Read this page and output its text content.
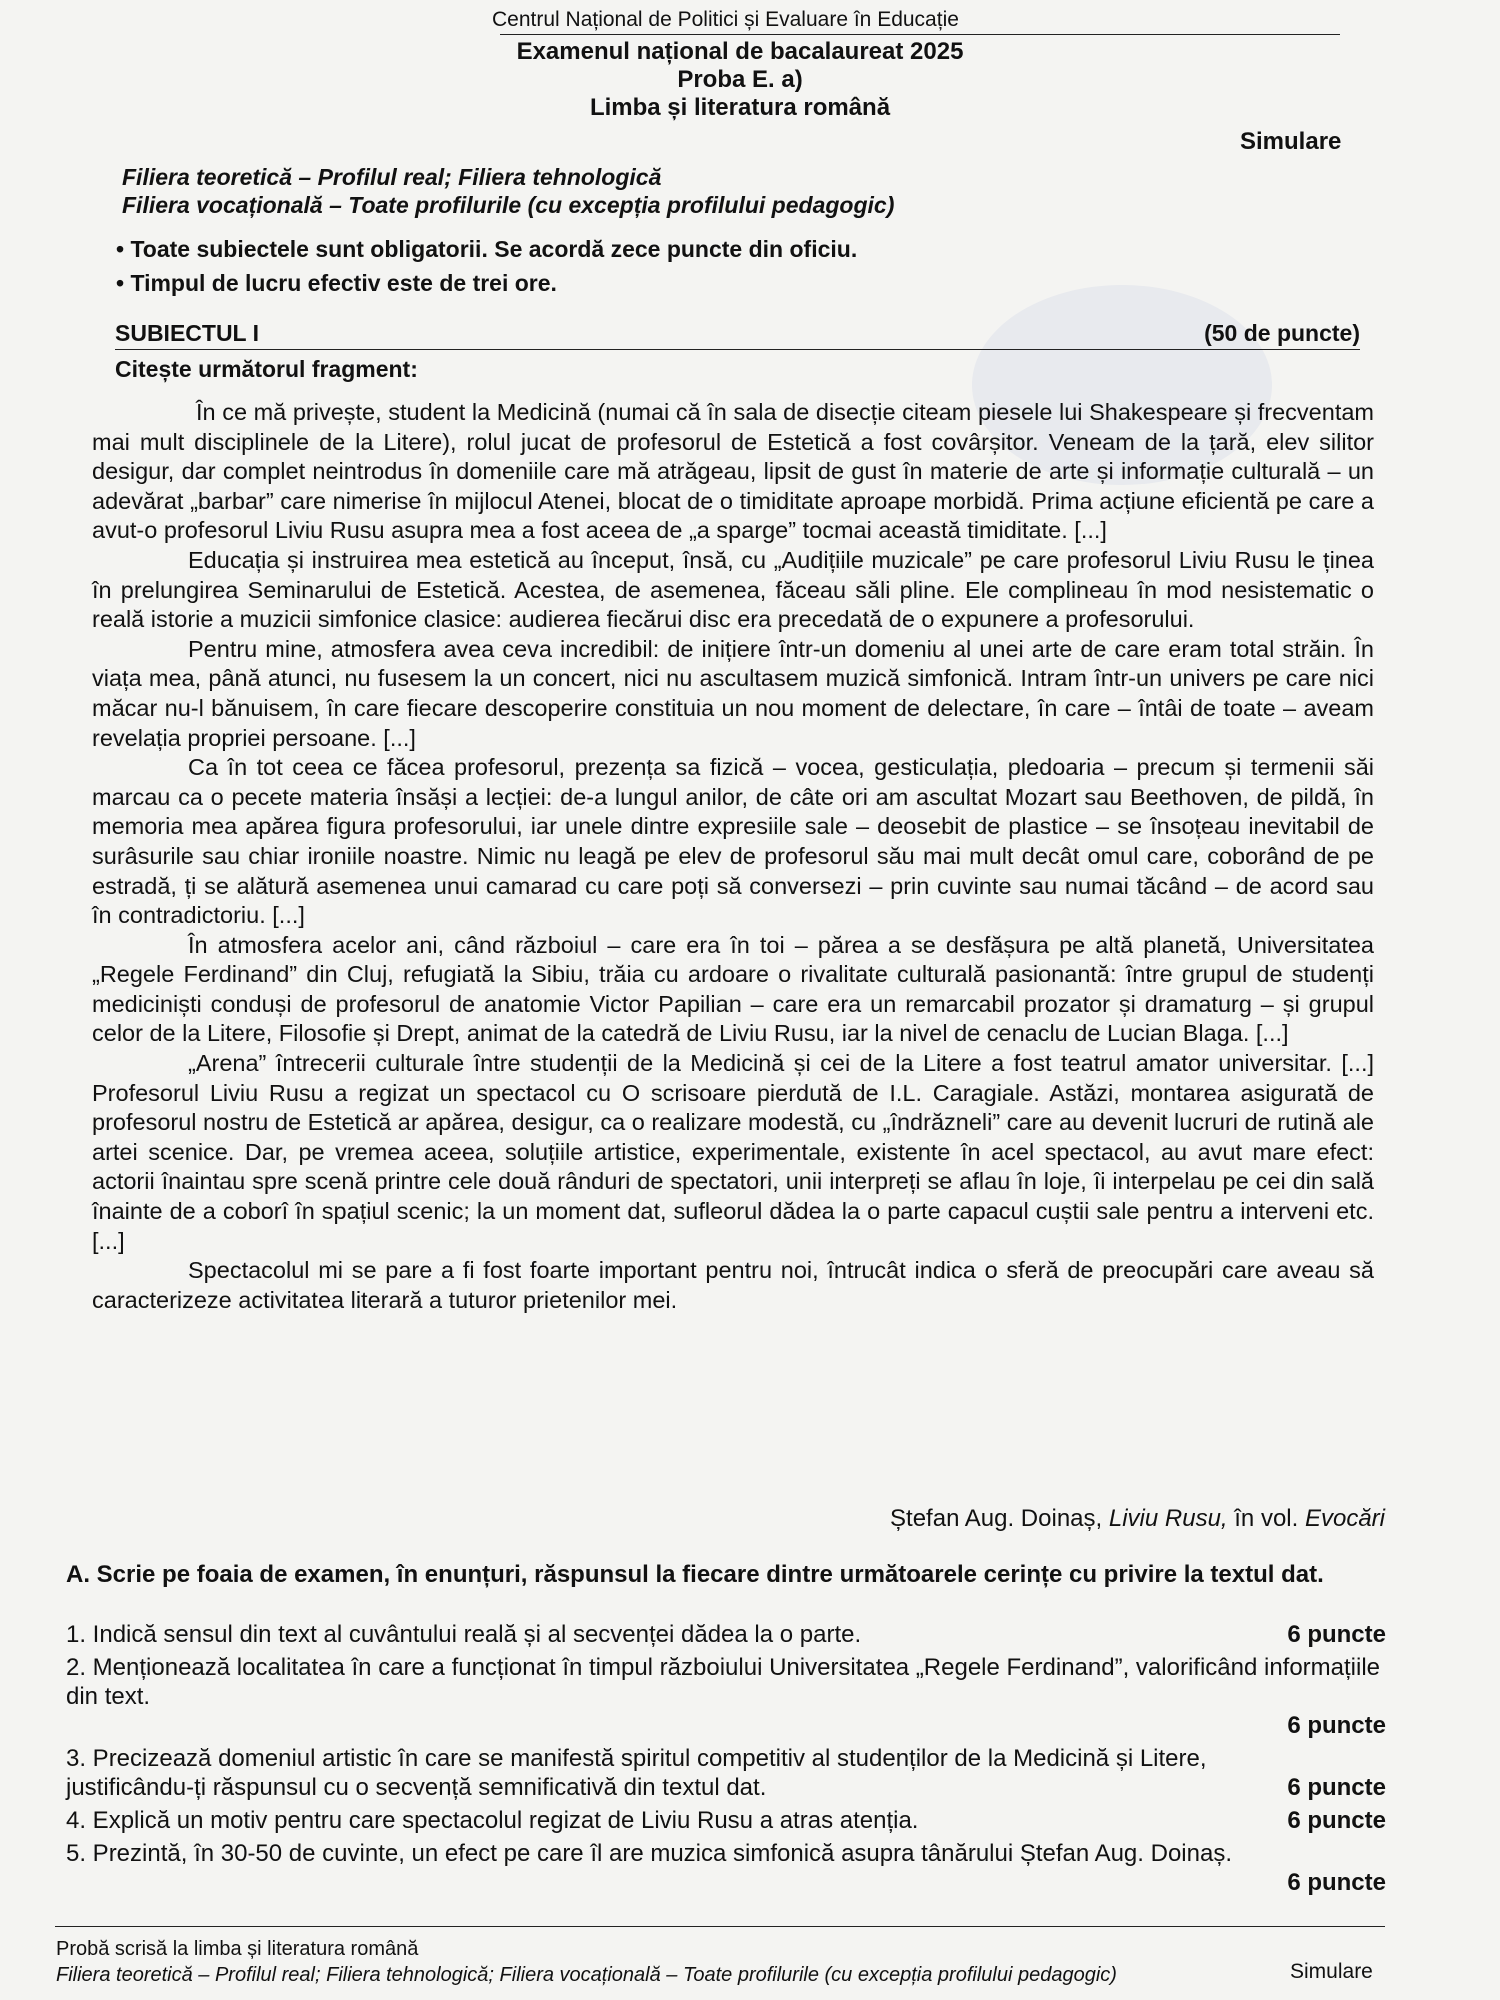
Centrul Național de Politici și Evaluare în Educație
Examenul național de bacalaureat 2025
Proba E. a)
Limba și literatura română
Simulare
Filiera teoretică – Profilul real; Filiera tehnologică
Filiera vocațională – Toate profilurile (cu excepția profilului pedagogic)
• Toate subiectele sunt obligatorii. Se acordă zece puncte din oficiu.
• Timpul de lucru efectiv este de trei ore.
SUBIECTUL I	(50 de puncte)
Citește următorul fragment:

În ce mă privește, student la Medicină (numai că în sala de disecție citeam piesele lui Shakespeare și frecventam mai mult disciplinele de la Litere), rolul jucat de profesorul de Estetică a fost covârșitor. Veneam de la țară, elev silitor desigur, dar complet neintrodus în domeniile care mă atrăgeau, lipsit de gust în materie de arte și informație culturală – un adevărat „barbar” care nimerise în mijlocul Atenei, blocat de o timiditate aproape morbidă. Prima acțiune eficientă pe care a avut-o profesorul Liviu Rusu asupra mea a fost aceea de „a sparge” tocmai această timiditate. [...]

Educația și instruirea mea estetică au început, însă, cu „Audițiile muzicale” pe care profesorul Liviu Rusu le ținea în prelungirea Seminarului de Estetică. Acestea, de asemenea, făceau săli pline. Ele complineau în mod nesistematic o reală istorie a muzicii simfonice clasice: audierea fiecărui disc era precedată de o expunere a profesorului.

Pentru mine, atmosfera avea ceva incredibil: de inițiere într-un domeniu al unei arte de care eram total străin. În viața mea, până atunci, nu fusesem la un concert, nici nu ascultasem muzică simfonică. Intram într-un univers pe care nici măcar nu-l bănuisem, în care fiecare descoperire constituia un nou moment de delectare, în care – întâi de toate – aveam revelația propriei persoane. [...]

Ca în tot ceea ce făcea profesorul, prezența sa fizică – vocea, gesticulația, pledoaria – precum și termenii săi marcau ca o pecete materia însăși a lecției: de-a lungul anilor, de câte ori am ascultat Mozart sau Beethoven, de pildă, în memoria mea apărea figura profesorului, iar unele dintre expresiile sale – deosebit de plastice – se însoțeau inevitabil de surâsurile sau chiar ironiile noastre. Nimic nu leagă pe elev de profesorul său mai mult decât omul care, coborând de pe estradă, ți se alătură asemenea unui camarad cu care poți să conversezi – prin cuvinte sau numai tăcând – de acord sau în contradictoriu. [...]

În atmosfera acelor ani, când războiul – care era în toi – părea a se desfășura pe altă planetă, Universitatea „Regele Ferdinand” din Cluj, refugiată la Sibiu, trăia cu ardoare o rivalitate culturală pasionantă: între grupul de studenți mediciniști conduși de profesorul de anatomie Victor Papilian – care era un remarcabil prozator și dramaturg – și grupul celor de la Litere, Filosofie și Drept, animat de la catedră de Liviu Rusu, iar la nivel de cenaclu de Lucian Blaga. [...]

„Arena” întrecerii culturale între studenții de la Medicină și cei de la Litere a fost teatrul amator universitar. [...] Profesorul Liviu Rusu a regizat un spectacol cu O scrisoare pierdută de I.L. Caragiale. Astăzi, montarea asigurată de profesorul nostru de Estetică ar apărea, desigur, ca o realizare modestă, cu „îndrăzneli” care au devenit lucruri de rutină ale artei scenice. Dar, pe vremea aceea, soluțiile artistice, experimentale, existente în acel spectacol, au avut mare efect: actorii înaintau spre scenă printre cele două rânduri de spectatori, unii interpreți se aflau în loje, îi interpelau pe cei din sală înainte de a coborî în spațiul scenic; la un moment dat, sufleorul dădea la o parte capacul cuștii sale pentru a interveni etc. [...]

Spectacolul mi se pare a fi fost foarte important pentru noi, întrucât indica o sferă de preocupări care aveau să caracterizeze activitatea literară a tuturor prietenilor mei.

Ștefan Aug. Doinaș, Liviu Rusu, în vol. Evocări
A. Scrie pe foaia de examen, în enunțuri, răspunsul la fiecare dintre următoarele cerințe cu privire la textul dat.
6 puncte
1. Indică sensul din text al cuvântului reală și al secvenței dădea la o parte.
2. Menționează localitatea în care a funcționat în timpul războiului Universitatea „Regele Ferdinand”, valorificând informațiile din text.
6 puncte
6 puncte
3. Precizează domeniul artistic în care se manifestă spiritul competitiv al studenților de la Medicină și Litere, justificându-ți răspunsul cu o secvență semnificativă din textul dat.
6 puncte
4. Explică un motiv pentru care spectacolul regizat de Liviu Rusu a atras atenția.
5. Prezintă, în 30-50 de cuvinte, un efect pe care îl are muzica simfonică asupra tânărului Ștefan Aug. Doinaș.
6 puncte
Probă scrisă la limba și literatura română
Filiera teoretică – Profilul real; Filiera tehnologică; Filiera vocațională – Toate profilurile (cu excepția profilului pedagogic)	Simulare
